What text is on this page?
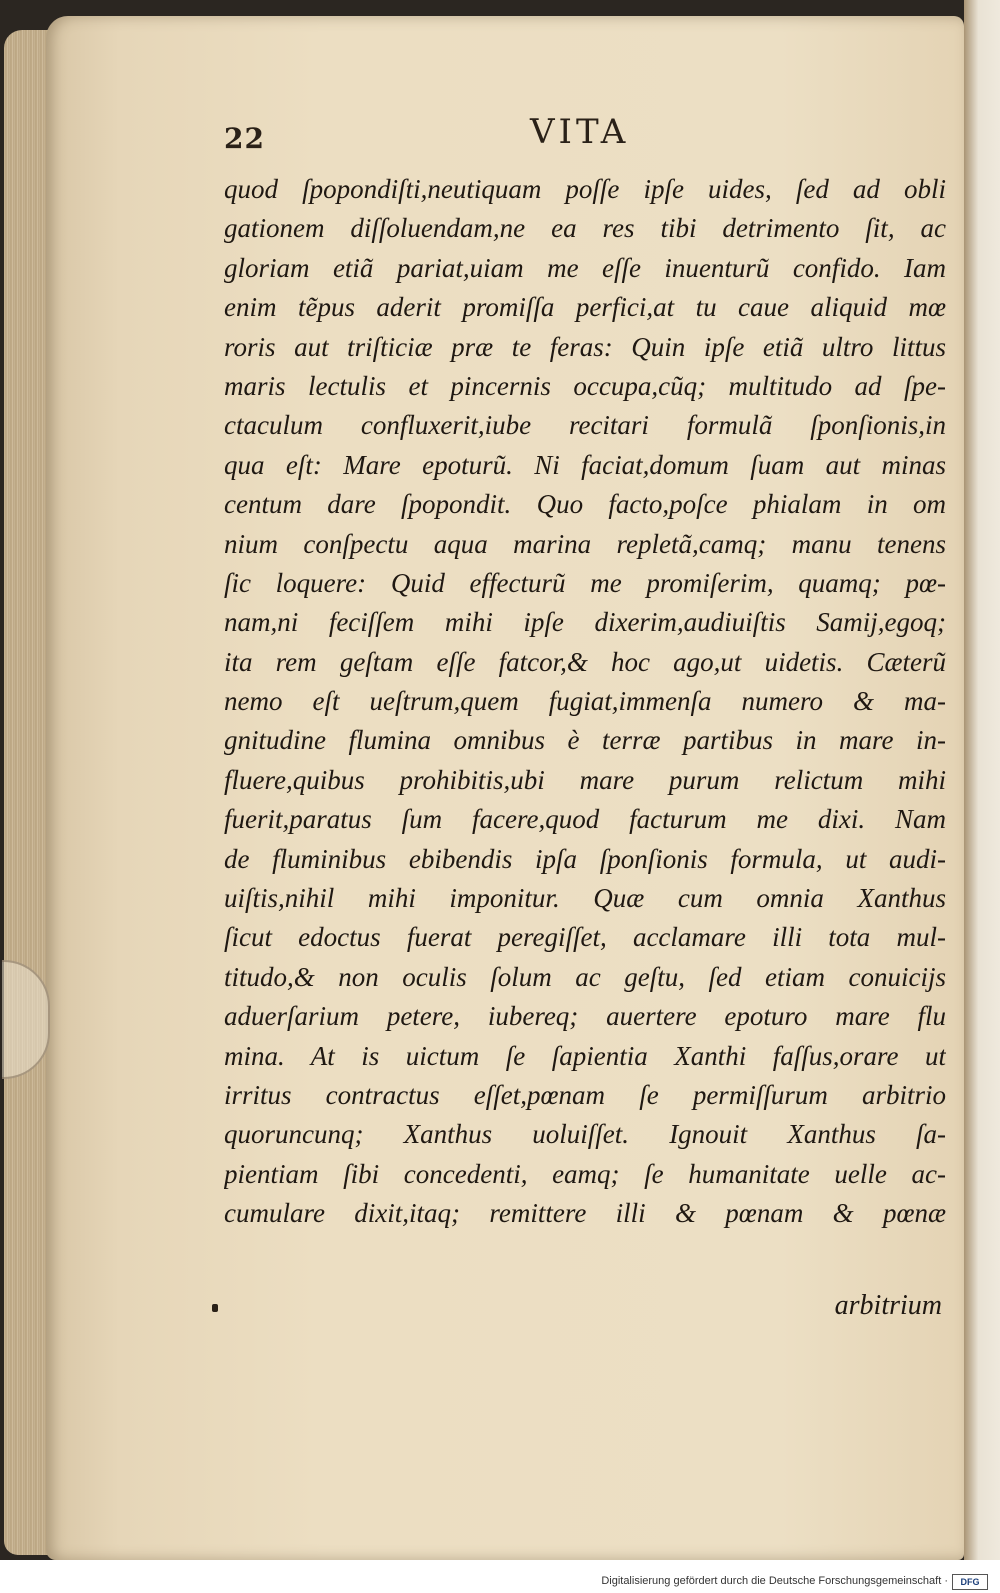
22	VITA
quod ſpopondiſti,neutiquam poſſe ipſe uides, ſed ad obli
gationem diſſoluendam,ne ea res tibi detrimento ſit, ac
gloriam etiã pariat,uiam me eſſe inuenturũ confido. Iam
enim tẽpus aderit promiſſa perfici,at tu caue aliquid mœ
roris aut triſticiæ præ te feras: Quin ipſe etiã ultro littus
maris lectulis et pincernis occupa,cũq; multitudo ad ſpe-
ctaculum confluxerit,iube recitari formulã ſponſionis,in
qua eſt: Mare epoturũ. Ni faciat,domum ſuam aut minas
centum dare ſpopondit. Quo facto,poſce phialam in om
nium conſpectu aqua marina repletã,camq; manu tenens
ſic loquere: Quid effecturũ me promiſerim, quamq; pœ-
nam,ni feciſſem mihi ipſe dixerim,audiuiſtis Samij,egoq;
ita rem geſtam eſſe fatcor,& hoc ago,ut uidetis. Cæterũ
nemo eſt ueſtrum,quem fugiat,immenſa numero & ma-
gnitudine flumina omnibus è terræ partibus in mare in-
fluere,quibus prohibitis,ubi mare purum relictum mihi
fuerit,paratus ſum facere,quod facturum me dixi. Nam
de fluminibus ebibendis ipſa ſponſionis formula, ut audi-
uiſtis,nihil mihi imponitur. Quæ cum omnia Xanthus
ſicut edoctus fuerat peregiſſet, acclamare illi tota mul-
titudo,& non oculis ſolum ac geſtu, ſed etiam conuicijs
aduerſarium petere, iubereq; auertere epoturo mare flu
mina. At is uictum ſe ſapientia Xanthi faſſus,orare ut
irritus contractus eſſet,pœnam ſe permiſſurum arbitrio
quoruncunq; Xanthus uoluiſſet. Ignouit Xanthus ſa-
pientiam ſibi concedenti, eamq; ſe humanitate uelle ac-
cumulare dixit,itaq; remittere illi & pœnam & pœnæ
arbitrium
Digitalisierung gefördert durch die Deutsche Forschungsgemeinschaft ·	DFG
